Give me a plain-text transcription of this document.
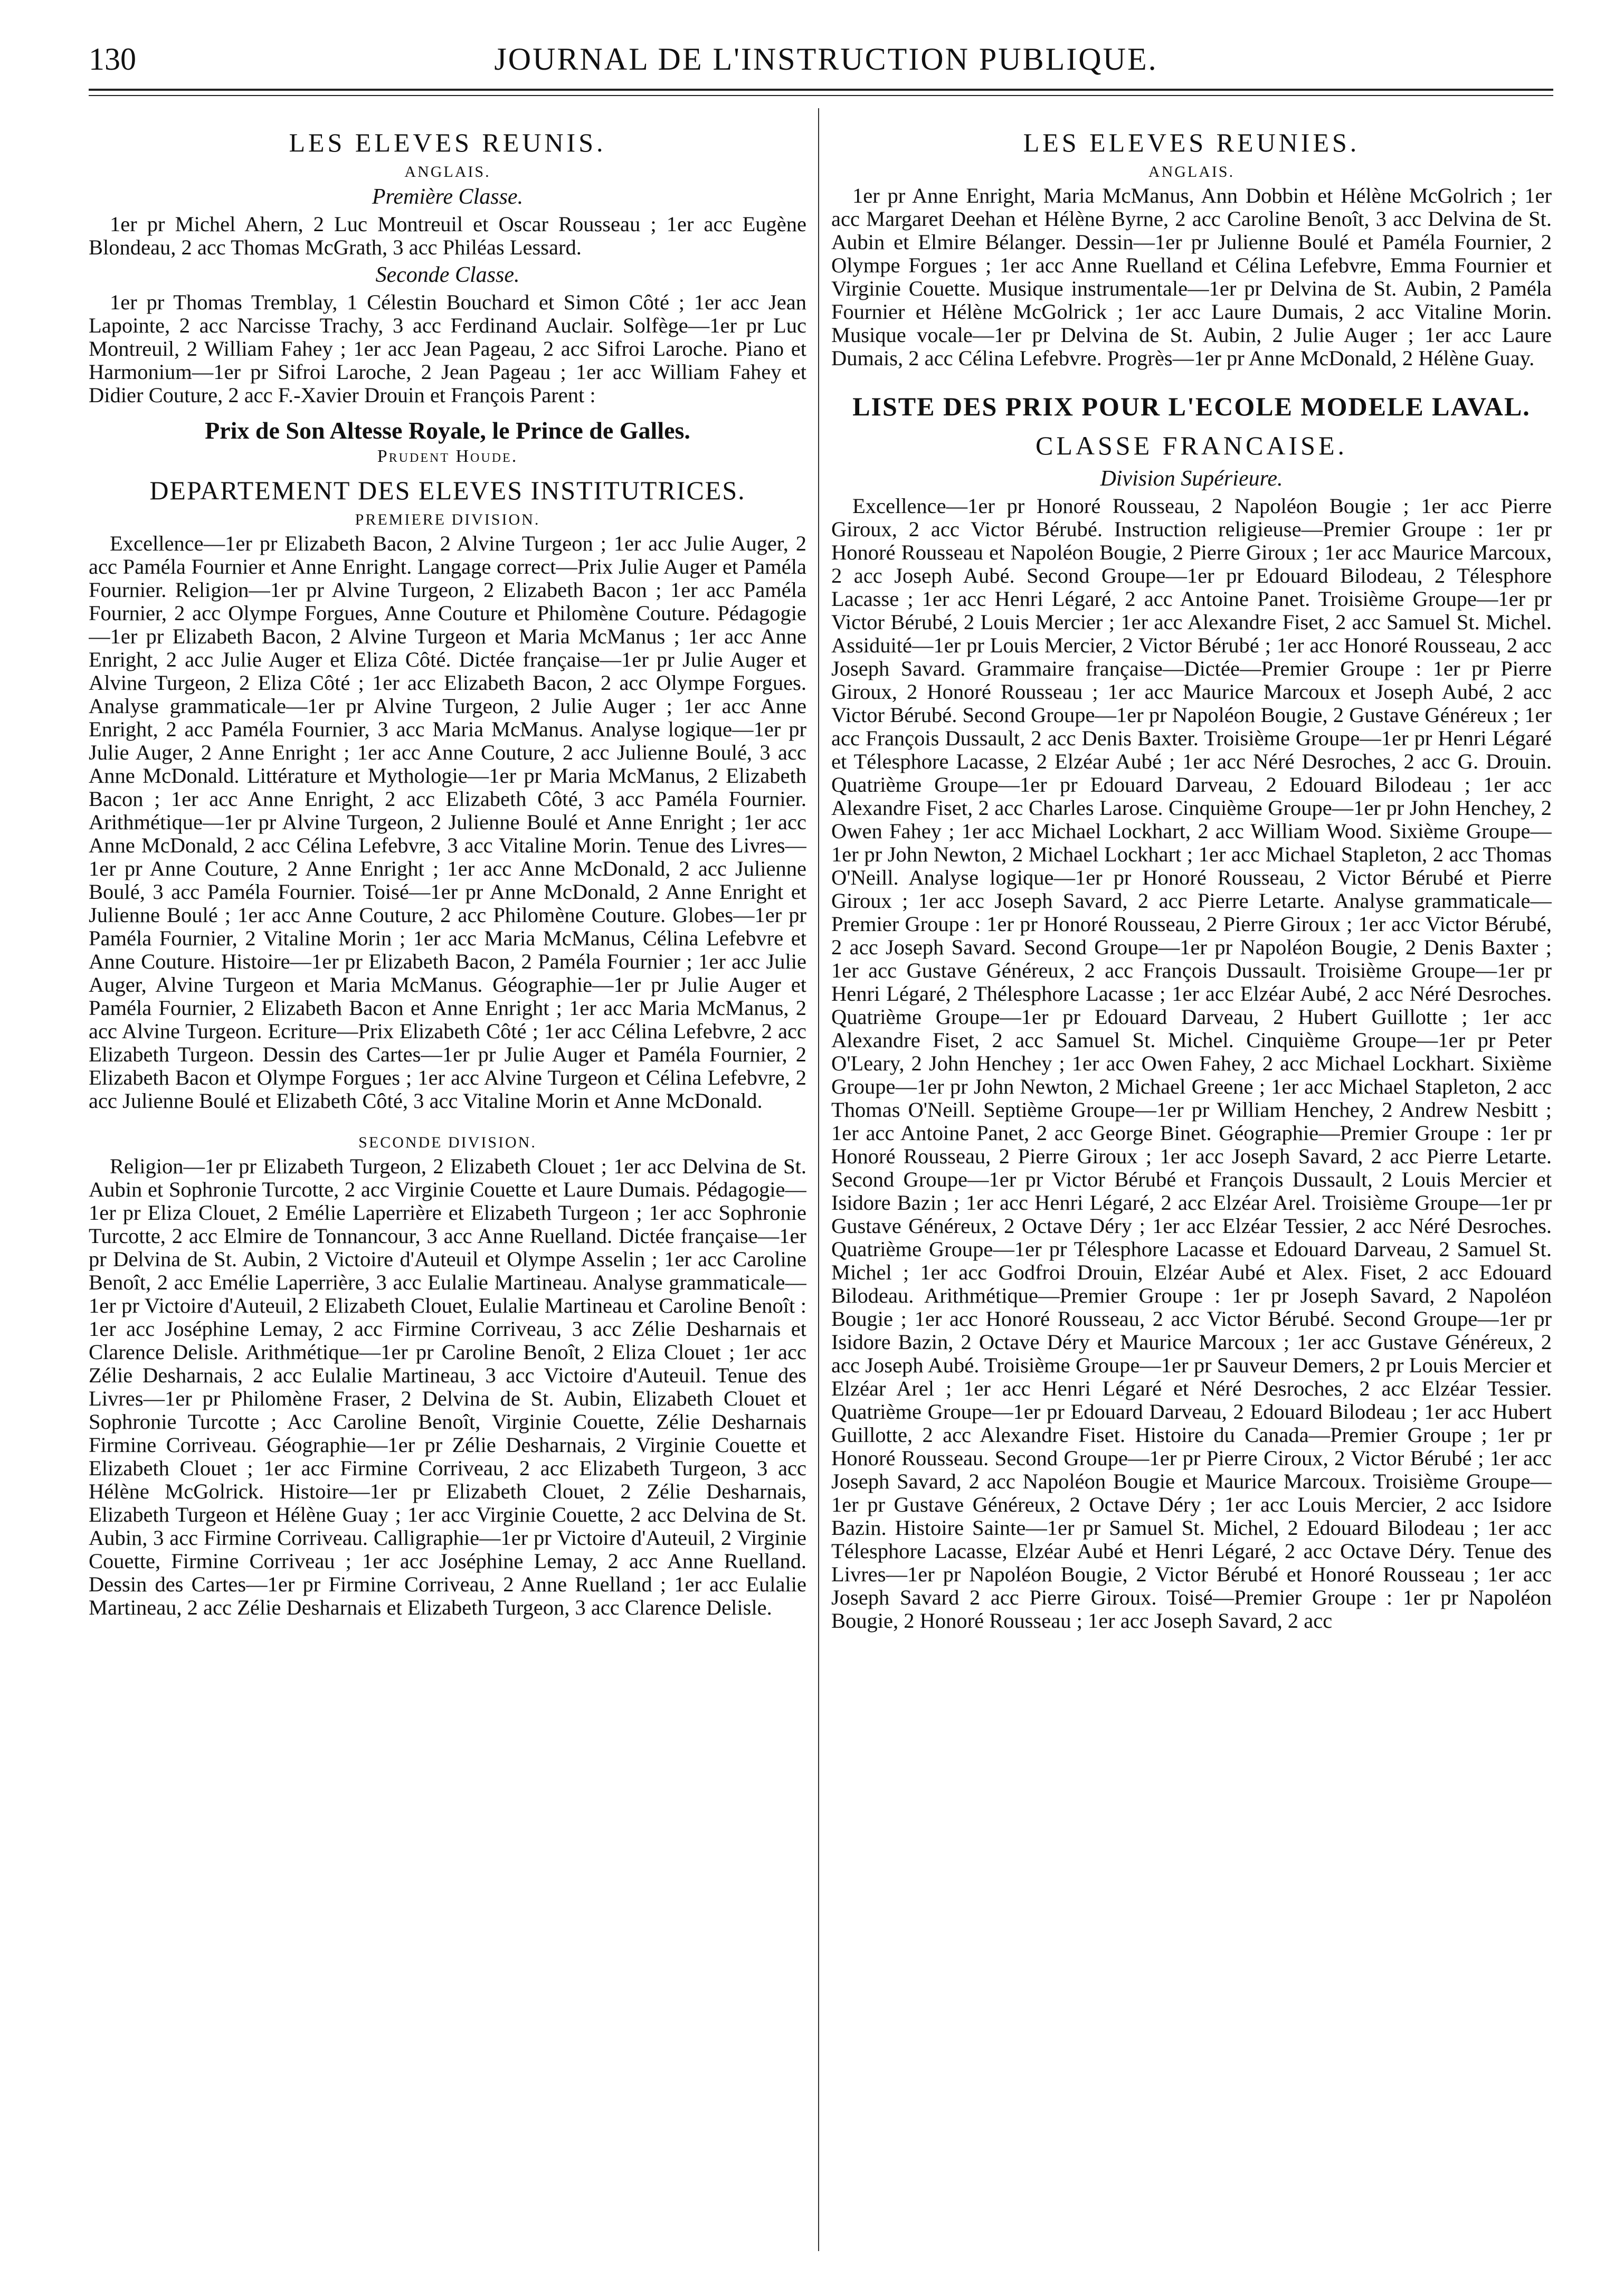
130	JOURNAL DE L'INSTRUCTION PUBLIQUE.
LES ELEVES REUNIS.
ANGLAIS.
Première Classe.

1er pr Michel Ahern, 2 Luc Montreuil et Oscar Rousseau ; 1er acc Eugène Blondeau, 2 acc Thomas McGrath, 3 acc Philéas Lessard.

Seconde Classe.

1er pr Thomas Tremblay, 1 Célestin Bouchard et Simon Côté ; 1er acc Jean Lapointe, 2 acc Narcisse Trachy, 3 acc Ferdinand Auclair. Solfège—1er pr Luc Montreuil, 2 William Fahey ; 1er acc Jean Pageau, 2 acc Sifroi Laroche. Piano et Harmonium—1er pr Sifroi Laroche, 2 Jean Pageau ; 1er acc William Fahey et Didier Couture, 2 acc F.-Xavier Drouin et François Parent :

Prix de Son Altesse Royale, le Prince de Galles.
Prudent Houde.
DEPARTEMENT DES ELEVES INSTITUTRICES.
PREMIERE DIVISION.

Excellence—1er pr Elizabeth Bacon, 2 Alvine Turgeon ; 1er acc Julie Auger, 2 acc Paméla Fournier et Anne Enright. Langage correct—Prix Julie Auger et Paméla Fournier. Religion—1er pr Alvine Turgeon, 2 Elizabeth Bacon ; 1er acc Paméla Fournier, 2 acc Olympe Forgues, Anne Couture et Philomène Couture. Pédagogie—1er pr Elizabeth Bacon, 2 Alvine Turgeon et Maria McManus ; 1er acc Anne Enright, 2 acc Julie Auger et Eliza Côté. Dictée française—1er pr Julie Auger et Alvine Turgeon, 2 Eliza Côté ; 1er acc Elizabeth Bacon, 2 acc Olympe Forgues. Analyse grammaticale—1er pr Alvine Turgeon, 2 Julie Auger ; 1er acc Anne Enright, 2 acc Paméla Fournier, 3 acc Maria McManus. Analyse logique—1er pr Julie Auger, 2 Anne Enright ; 1er acc Anne Couture, 2 acc Julienne Boulé, 3 acc Anne McDonald. Littérature et Mythologie—1er pr Maria McManus, 2 Elizabeth Bacon ; 1er acc Anne Enright, 2 acc Elizabeth Côté, 3 acc Paméla Fournier. Arithmétique—1er pr Alvine Turgeon, 2 Julienne Boulé et Anne Enright ; 1er acc Anne McDonald, 2 acc Célina Lefebvre, 3 acc Vitaline Morin. Tenue des Livres—1er pr Anne Couture, 2 Anne Enright ; 1er acc Anne McDonald, 2 acc Julienne Boulé, 3 acc Paméla Fournier. Toisé—1er pr Anne McDonald, 2 Anne Enright et Julienne Boulé ; 1er acc Anne Couture, 2 acc Philomène Couture. Globes—1er pr Paméla Fournier, 2 Vitaline Morin ; 1er acc Maria McManus, Célina Lefebvre et Anne Couture. Histoire—1er pr Elizabeth Bacon, 2 Paméla Fournier ; 1er acc Julie Auger, Alvine Turgeon et Maria McManus. Géographie—1er pr Julie Auger et Paméla Fournier, 2 Elizabeth Bacon et Anne Enright ; 1er acc Maria McManus, 2 acc Alvine Turgeon. Ecriture—Prix Elizabeth Côté ; 1er acc Célina Lefebvre, 2 acc Elizabeth Turgeon. Dessin des Cartes—1er pr Julie Auger et Paméla Fournier, 2 Elizabeth Bacon et Olympe Forgues ; 1er acc Alvine Turgeon et Célina Lefebvre, 2 acc Julienne Boulé et Elizabeth Côté, 3 acc Vitaline Morin et Anne McDonald.

SECONDE DIVISION.

Religion—1er pr Elizabeth Turgeon, 2 Elizabeth Clouet ; 1er acc Delvina de St. Aubin et Sophronie Turcotte, 2 acc Virginie Couette et Laure Dumais. Pédagogie—1er pr Eliza Clouet, 2 Emélie Laperrière et Elizabeth Turgeon ; 1er acc Sophronie Turcotte, 2 acc Elmire de Tonnancour, 3 acc Anne Ruelland. Dictée française—1er pr Delvina de St. Aubin, 2 Victoire d'Auteuil et Olympe Asselin ; 1er acc Caroline Benoît, 2 acc Emélie Laperrière, 3 acc Eulalie Martineau. Analyse grammaticale—1er pr Victoire d'Auteuil, 2 Elizabeth Clouet, Eulalie Martineau et Caroline Benoît : 1er acc Joséphine Lemay, 2 acc Firmine Corriveau, 3 acc Zélie Desharnais et Clarence Delisle. Arithmétique—1er pr Caroline Benoît, 2 Eliza Clouet ; 1er acc Zélie Desharnais, 2 acc Eulalie Martineau, 3 acc Victoire d'Auteuil. Tenue des Livres—1er pr Philomène Fraser, 2 Delvina de St. Aubin, Elizabeth Clouet et Sophronie Turcotte ; Acc Caroline Benoît, Virginie Couette, Zélie Desharnais Firmine Corriveau. Géographie—1er pr Zélie Desharnais, 2 Virginie Couette et Elizabeth Clouet ; 1er acc Firmine Corriveau, 2 acc Elizabeth Turgeon, 3 acc Hélène McGolrick. Histoire—1er pr Elizabeth Clouet, 2 Zélie Desharnais, Elizabeth Turgeon et Hélène Guay ; 1er acc Virginie Couette, 2 acc Delvina de St. Aubin, 3 acc Firmine Corriveau. Calligraphie—1er pr Victoire d'Auteuil, 2 Virginie Couette, Firmine Corriveau ; 1er acc Joséphine Lemay, 2 acc Anne Ruelland. Dessin des Cartes—1er pr Firmine Corriveau, 2 Anne Ruelland ; 1er acc Eulalie Martineau, 2 acc Zélie Desharnais et Elizabeth Turgeon, 3 acc Clarence Delisle.

LES ELEVES REUNIES.
ANGLAIS.

1er pr Anne Enright, Maria McManus, Ann Dobbin et Hélène McGolrich ; 1er acc Margaret Deehan et Hélène Byrne, 2 acc Caroline Benoît, 3 acc Delvina de St. Aubin et Elmire Bélanger. Dessin—1er pr Julienne Boulé et Paméla Fournier, 2 Olympe Forgues ; 1er acc Anne Ruelland et Célina Lefebvre, Emma Fournier et Virginie Couette. Musique instrumentale—1er pr Delvina de St. Aubin, 2 Paméla Fournier et Hélène McGolrick ; 1er acc Laure Dumais, 2 acc Vitaline Morin. Musique vocale—1er pr Delvina de St. Aubin, 2 Julie Auger ; 1er acc Laure Dumais, 2 acc Célina Lefebvre. Progrès—1er pr Anne McDonald, 2 Hélène Guay.

LISTE DES PRIX POUR L'ECOLE MODELE LAVAL.
CLASSE FRANCAISE.
Division Supérieure.

Excellence—1er pr Honoré Rousseau, 2 Napoléon Bougie ; 1er acc Pierre Giroux, 2 acc Victor Bérubé. Instruction religieuse—Premier Groupe : 1er pr Honoré Rousseau et Napoléon Bougie, 2 Pierre Giroux ; 1er acc Maurice Marcoux, 2 acc Joseph Aubé. Second Groupe—1er pr Edouard Bilodeau, 2 Télesphore Lacasse ; 1er acc Henri Légaré, 2 acc Antoine Panet. Troisième Groupe—1er pr Victor Bérubé, 2 Louis Mercier ; 1er acc Alexandre Fiset, 2 acc Samuel St. Michel. Assiduité—1er pr Louis Mercier, 2 Victor Bérubé ; 1er acc Honoré Rousseau, 2 acc Joseph Savard. Grammaire française—Dictée—Premier Groupe : 1er pr Pierre Giroux, 2 Honoré Rousseau ; 1er acc Maurice Marcoux et Joseph Aubé, 2 acc Victor Bérubé. Second Groupe—1er pr Napoléon Bougie, 2 Gustave Généreux ; 1er acc François Dussault, 2 acc Denis Baxter. Troisième Groupe—1er pr Henri Légaré et Télesphore Lacasse, 2 Elzéar Aubé ; 1er acc Néré Desroches, 2 acc G. Drouin. Quatrième Groupe—1er pr Edouard Darveau, 2 Edouard Bilodeau ; 1er acc Alexandre Fiset, 2 acc Charles Larose. Cinquième Groupe—1er pr John Henchey, 2 Owen Fahey ; 1er acc Michael Lockhart, 2 acc William Wood. Sixième Groupe—1er pr John Newton, 2 Michael Lockhart ; 1er acc Michael Stapleton, 2 acc Thomas O'Neill. Analyse logique—1er pr Honoré Rousseau, 2 Victor Bérubé et Pierre Giroux ; 1er acc Joseph Savard, 2 acc Pierre Letarte. Analyse grammaticale—Premier Groupe : 1er pr Honoré Rousseau, 2 Pierre Giroux ; 1er acc Victor Bérubé, 2 acc Joseph Savard. Second Groupe—1er pr Napoléon Bougie, 2 Denis Baxter ; 1er acc Gustave Généreux, 2 acc François Dussault. Troisième Groupe—1er pr Henri Légaré, 2 Thélesphore Lacasse ; 1er acc Elzéar Aubé, 2 acc Néré Desroches. Quatrième Groupe—1er pr Edouard Darveau, 2 Hubert Guillotte ; 1er acc Alexandre Fiset, 2 acc Samuel St. Michel. Cinquième Groupe—1er pr Peter O'Leary, 2 John Henchey ; 1er acc Owen Fahey, 2 acc Michael Lockhart. Sixième Groupe—1er pr John Newton, 2 Michael Greene ; 1er acc Michael Stapleton, 2 acc Thomas O'Neill. Septième Groupe—1er pr William Henchey, 2 Andrew Nesbitt ; 1er acc Antoine Panet, 2 acc George Binet. Géographie—Premier Groupe : 1er pr Honoré Rousseau, 2 Pierre Giroux ; 1er acc Joseph Savard, 2 acc Pierre Letarte. Second Groupe—1er pr Victor Bérubé et François Dussault, 2 Louis Mercier et Isidore Bazin ; 1er acc Henri Légaré, 2 acc Elzéar Arel. Troisième Groupe—1er pr Gustave Généreux, 2 Octave Déry ; 1er acc Elzéar Tessier, 2 acc Néré Desroches. Quatrième Groupe—1er pr Télesphore Lacasse et Edouard Darveau, 2 Samuel St. Michel ; 1er acc Godfroi Drouin, Elzéar Aubé et Alex. Fiset, 2 acc Edouard Bilodeau. Arithmétique—Premier Groupe : 1er pr Joseph Savard, 2 Napoléon Bougie ; 1er acc Honoré Rousseau, 2 acc Victor Bérubé. Second Groupe—1er pr Isidore Bazin, 2 Octave Déry et Maurice Marcoux ; 1er acc Gustave Généreux, 2 acc Joseph Aubé. Troisième Groupe—1er pr Sauveur Demers, 2 pr Louis Mercier et Elzéar Arel ; 1er acc Henri Légaré et Néré Desroches, 2 acc Elzéar Tessier. Quatrième Groupe—1er pr Edouard Darveau, 2 Edouard Bilodeau ; 1er acc Hubert Guillotte, 2 acc Alexandre Fiset. Histoire du Canada—Premier Groupe ; 1er pr Honoré Rousseau. Second Groupe—1er pr Pierre Ciroux, 2 Victor Bérubé ; 1er acc Joseph Savard, 2 acc Napoléon Bougie et Maurice Marcoux. Troisième Groupe—1er pr Gustave Généreux, 2 Octave Déry ; 1er acc Louis Mercier, 2 acc Isidore Bazin. Histoire Sainte—1er pr Samuel St. Michel, 2 Edouard Bilodeau ; 1er acc Télesphore Lacasse, Elzéar Aubé et Henri Légaré, 2 acc Octave Déry. Tenue des Livres—1er pr Napoléon Bougie, 2 Victor Bérubé et Honoré Rousseau ; 1er acc Joseph Savard 2 acc Pierre Giroux. Toisé—Premier Groupe : 1er pr Napoléon Bougie, 2 Honoré Rousseau ; 1er acc Joseph Savard, 2 acc
